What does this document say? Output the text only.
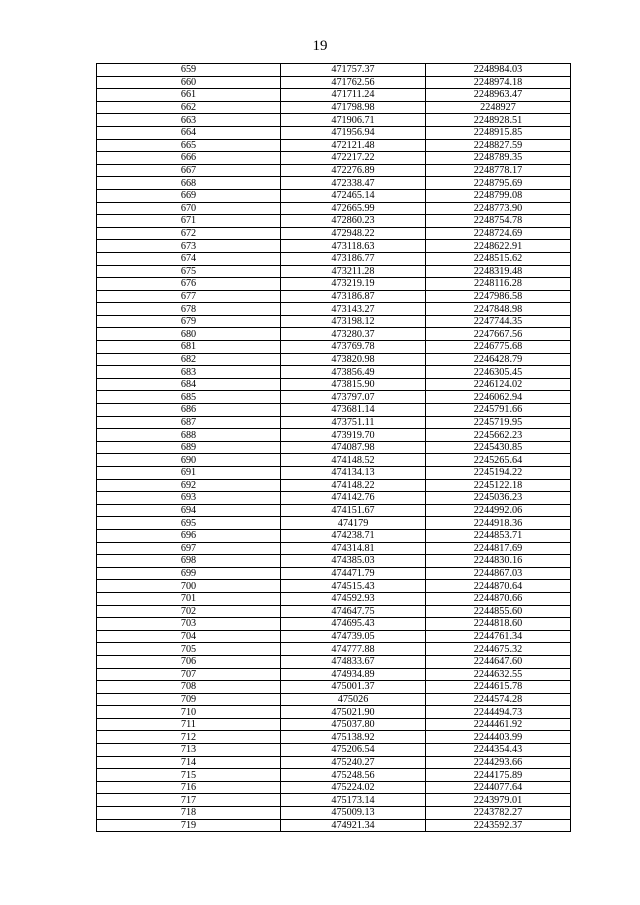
19
659	471757.37	2248984.03
660	471762.56	2248974.18
661	471711.24	2248963.47
662	471798.98	2248927
663	471906.71	2248928.51
664	471956.94	2248915.85
665	472121.48	2248827.59
666	472217.22	2248789.35
667	472276.89	2248778.17
668	472338.47	2248795.69
669	472465.14	2248799.08
670	472665.99	2248773.90
671	472860.23	2248754.78
672	472948.22	2248724.69
673	473118.63	2248622.91
674	473186.77	2248515.62
675	473211.28	2248319.48
676	473219.19	2248116.28
677	473186.87	2247986.58
678	473143.27	2247848.98
679	473198.12	2247744.35
680	473280.37	2247667.56
681	473769.78	2246775.68
682	473820.98	2246428.79
683	473856.49	2246305.45
684	473815.90	2246124.02
685	473797.07	2246062.94
686	473681.14	2245791.66
687	473751.11	2245719.95
688	473919.70	2245662.23
689	474087.98	2245430.85
690	474148.52	2245265.64
691	474134.13	2245194.22
692	474148.22	2245122.18
693	474142.76	2245036.23
694	474151.67	2244992.06
695	474179	2244918.36
696	474238.71	2244853.71
697	474314.81	2244817.69
698	474385.03	2244830.16
699	474471.79	2244867.03
700	474515.43	2244870.64
701	474592.93	2244870.66
702	474647.75	2244855.60
703	474695.43	2244818.60
704	474739.05	2244761.34
705	474777.88	2244675.32
706	474833.67	2244647.60
707	474934.89	2244632.55
708	475001.37	2244615.78
709	475026	2244574.28
710	475021.90	2244494.73
711	475037.80	2244461.92
712	475138.92	2244403.99
713	475206.54	2244354.43
714	475240.27	2244293.66
715	475248.56	2244175.89
716	475224.02	2244077.64
717	475173.14	2243979.01
718	475009.13	2243782.27
719	474921.34	2243592.37
